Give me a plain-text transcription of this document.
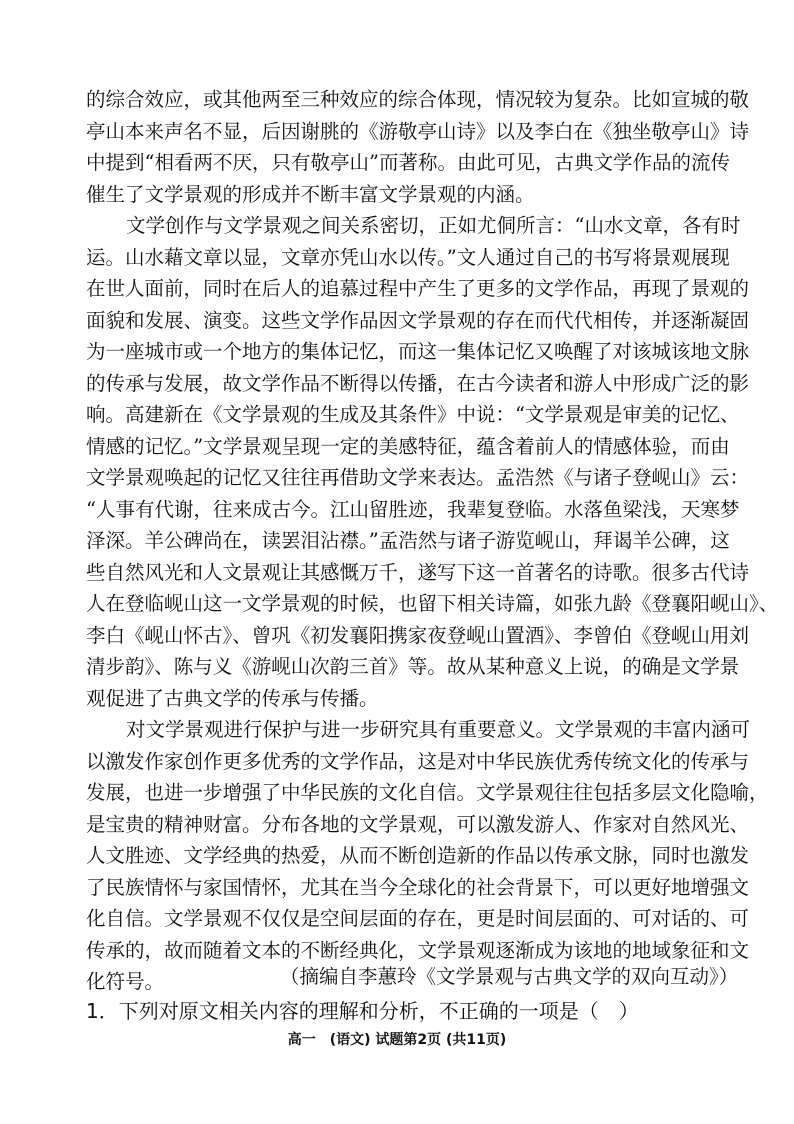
的综合效应，或其他两至三种效应的综合体现，情况较为复杂。比如宣城的敬
亭山本来声名不显，后因谢朓的《游敬亭山诗》以及李白在《独坐敬亭山》诗
中提到“相看两不厌，只有敬亭山”而著称。由此可见，古典文学作品的流传
催生了文学景观的形成并不断丰富文学景观的内涵。
文学创作与文学景观之间关系密切，正如尤侗所言：“山水文章，各有时
运。山水藉文章以显，文章亦凭山水以传。”文人通过自己的书写将景观展现
在世人面前，同时在后人的追慕过程中产生了更多的文学作品，再现了景观的
面貌和发展、演变。这些文学作品因文学景观的存在而代代相传，并逐渐凝固
为一座城市或一个地方的集体记忆，而这一集体记忆又唤醒了对该城该地文脉
的传承与发展，故文学作品不断得以传播，在古今读者和游人中形成广泛的影
响。高建新在《文学景观的生成及其条件》中说：“文学景观是审美的记忆、
情感的记忆。”文学景观呈现一定的美感特征，蕴含着前人的情感体验，而由
文学景观唤起的记忆又往往再借助文学来表达。孟浩然《与诸子登岘山》云：
“人事有代谢，往来成古今。江山留胜迹，我辈复登临。水落鱼梁浅，天寒梦
泽深。羊公碑尚在，读罢泪沾襟。”孟浩然与诸子游览岘山，拜谒羊公碑，这
些自然风光和人文景观让其感慨万千，遂写下这一首著名的诗歌。很多古代诗
人在登临岘山这一文学景观的时候，也留下相关诗篇，如张九龄《登襄阳岘山》、
李白《岘山怀古》、曾巩《初发襄阳携家夜登岘山置酒》、李曾伯《登岘山用刘
清步韵》、陈与义《游岘山次韵三首》等。故从某种意义上说，的确是文学景
观促进了古典文学的传承与传播。
对文学景观进行保护与进一步研究具有重要意义。文学景观的丰富内涵可
以激发作家创作更多优秀的文学作品，这是对中华民族优秀传统文化的传承与
发展，也进一步增强了中华民族的文化自信。文学景观往往包括多层文化隐喻，
是宝贵的精神财富。分布各地的文学景观，可以激发游人、作家对自然风光、
人文胜迹、文学经典的热爱，从而不断创造新的作品以传承文脉，同时也激发
了民族情怀与家国情怀，尤其在当今全球化的社会背景下，可以更好地增强文
化自信。文学景观不仅仅是空间层面的存在，更是时间层面的、可对话的、可
传承的，故而随着文本的不断经典化，文学景观逐渐成为该地的地域象征和文
化符号。	（摘编自李蕙玲《文学景观与古典文学的双向互动》）
1．下列对原文相关内容的理解和分析，不正确的一项是（　）
高一　(语文) 试题第2页 (共11页)
